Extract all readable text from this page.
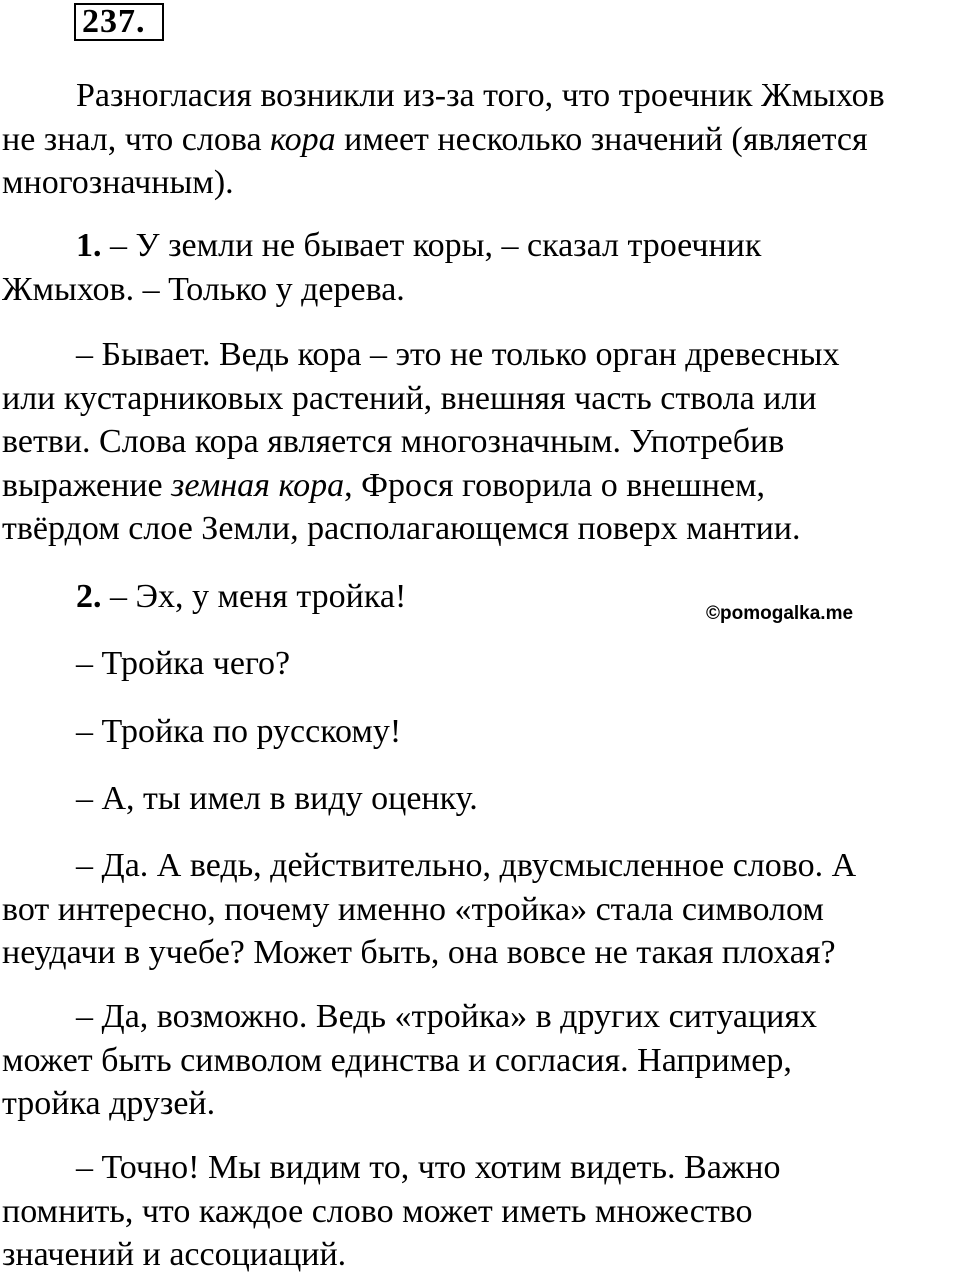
237.
Разногласия возникли из-за того, что троечник Жмыхов
не знал, что слова кора имеет несколько значений (является
многозначным).
1. – У земли не бывает коры, – сказал троечник
Жмыхов. – Только у дерева.
– Бывает. Ведь кора – это не только орган древесных
или кустарниковых растений, внешняя часть ствола или
ветви. Слова кора является многозначным. Употребив
выражение земная кора, Фрося говорила о внешнем,
твёрдом слое Земли, располагающемся поверх мантии.
2. – Эх, у меня тройка!	©pomogalka.me
– Тройка чего?
– Тройка по русскому!
– А, ты имел в виду оценку.
– Да. А ведь, действительно, двусмысленное слово. А
вот интересно, почему именно «тройка» стала символом
неудачи в учебе? Может быть, она вовсе не такая плохая?
– Да, возможно. Ведь «тройка» в других ситуациях
может быть символом единства и согласия. Например,
тройка друзей.
– Точно! Мы видим то, что хотим видеть. Важно
помнить, что каждое слово может иметь множество
значений и ассоциаций.
